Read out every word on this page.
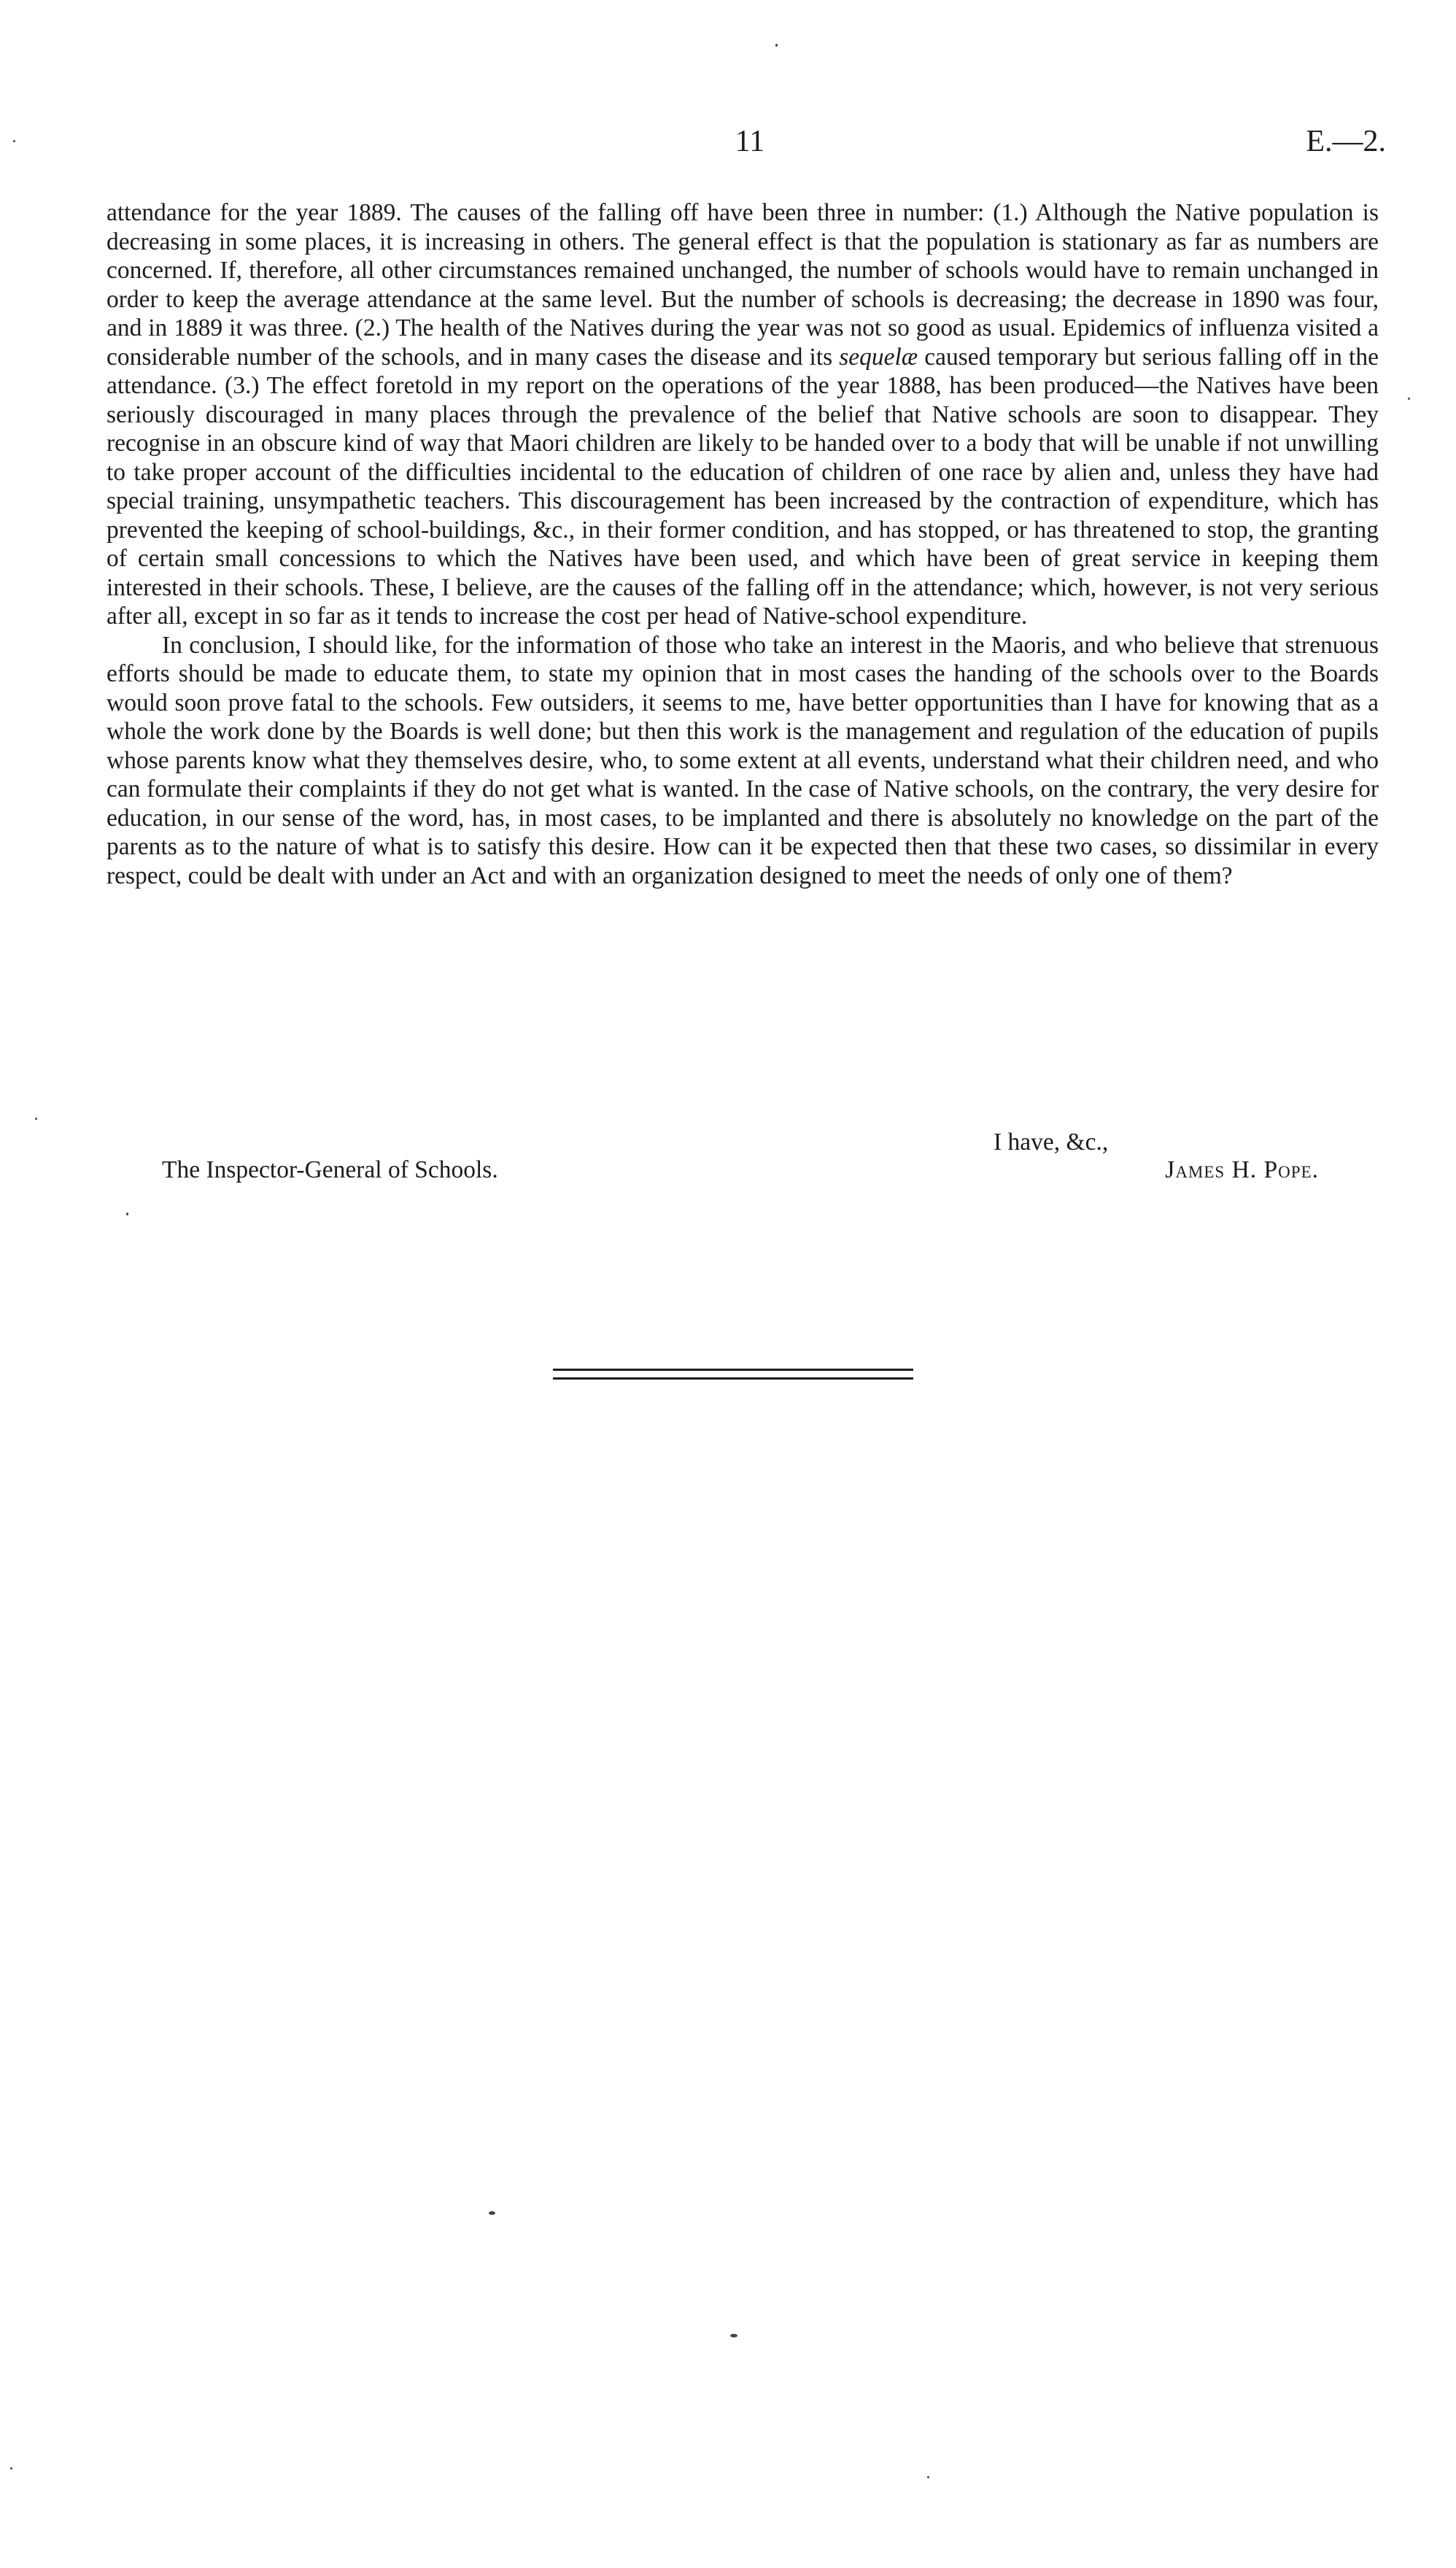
11	E.—2.

attendance for the year 1889. The causes of the falling off have been three in number: (1.) Although the Native population is decreasing in some places, it is increasing in others. The general effect is that the population is stationary as far as numbers are concerned. If, therefore, all other circumstances remained unchanged, the number of schools would have to remain unchanged in order to keep the average attendance at the same level. But the number of schools is decreasing; the decrease in 1890 was four, and in 1889 it was three. (2.) The health of the Natives during the year was not so good as usual. Epidemics of influenza visited a considerable number of the schools, and in many cases the disease and its sequelæ caused temporary but serious falling off in the attendance. (3.) The effect foretold in my report on the operations of the year 1888, has been produced—the Natives have been seriously discouraged in many places through the prevalence of the belief that Native schools are soon to disappear. They recognise in an obscure kind of way that Maori children are likely to be handed over to a body that will be unable if not unwilling to take proper account of the difficulties incidental to the education of children of one race by alien and, unless they have had special training, unsympathetic teachers. This discouragement has been increased by the contraction of expenditure, which has prevented the keeping of school-buildings, &c., in their former condition, and has stopped, or has threatened to stop, the granting of certain small concessions to which the Natives have been used, and which have been of great service in keeping them interested in their schools. These, I believe, are the causes of the falling off in the attendance; which, however, is not very serious after all, except in so far as it tends to increase the cost per head of Native-school expenditure.

In conclusion, I should like, for the information of those who take an interest in the Maoris, and who believe that strenuous efforts should be made to educate them, to state my opinion that in most cases the handing of the schools over to the Boards would soon prove fatal to the schools. Few outsiders, it seems to me, have better opportunities than I have for knowing that as a whole the work done by the Boards is well done; but then this work is the management and regulation of the education of pupils whose parents know what they themselves desire, who, to some extent at all events, understand what their children need, and who can formulate their complaints if they do not get what is wanted. In the case of Native schools, on the contrary, the very desire for education, in our sense of the word, has, in most cases, to be implanted and there is absolutely no knowledge on the part of the parents as to the nature of what is to satisfy this desire. How can it be expected then that these two cases, so dissimilar in every respect, could be dealt with under an Act and with an organization designed to meet the needs of only one of them?

I have, &c.,
The Inspector-General of Schools.	James H. Pope.
